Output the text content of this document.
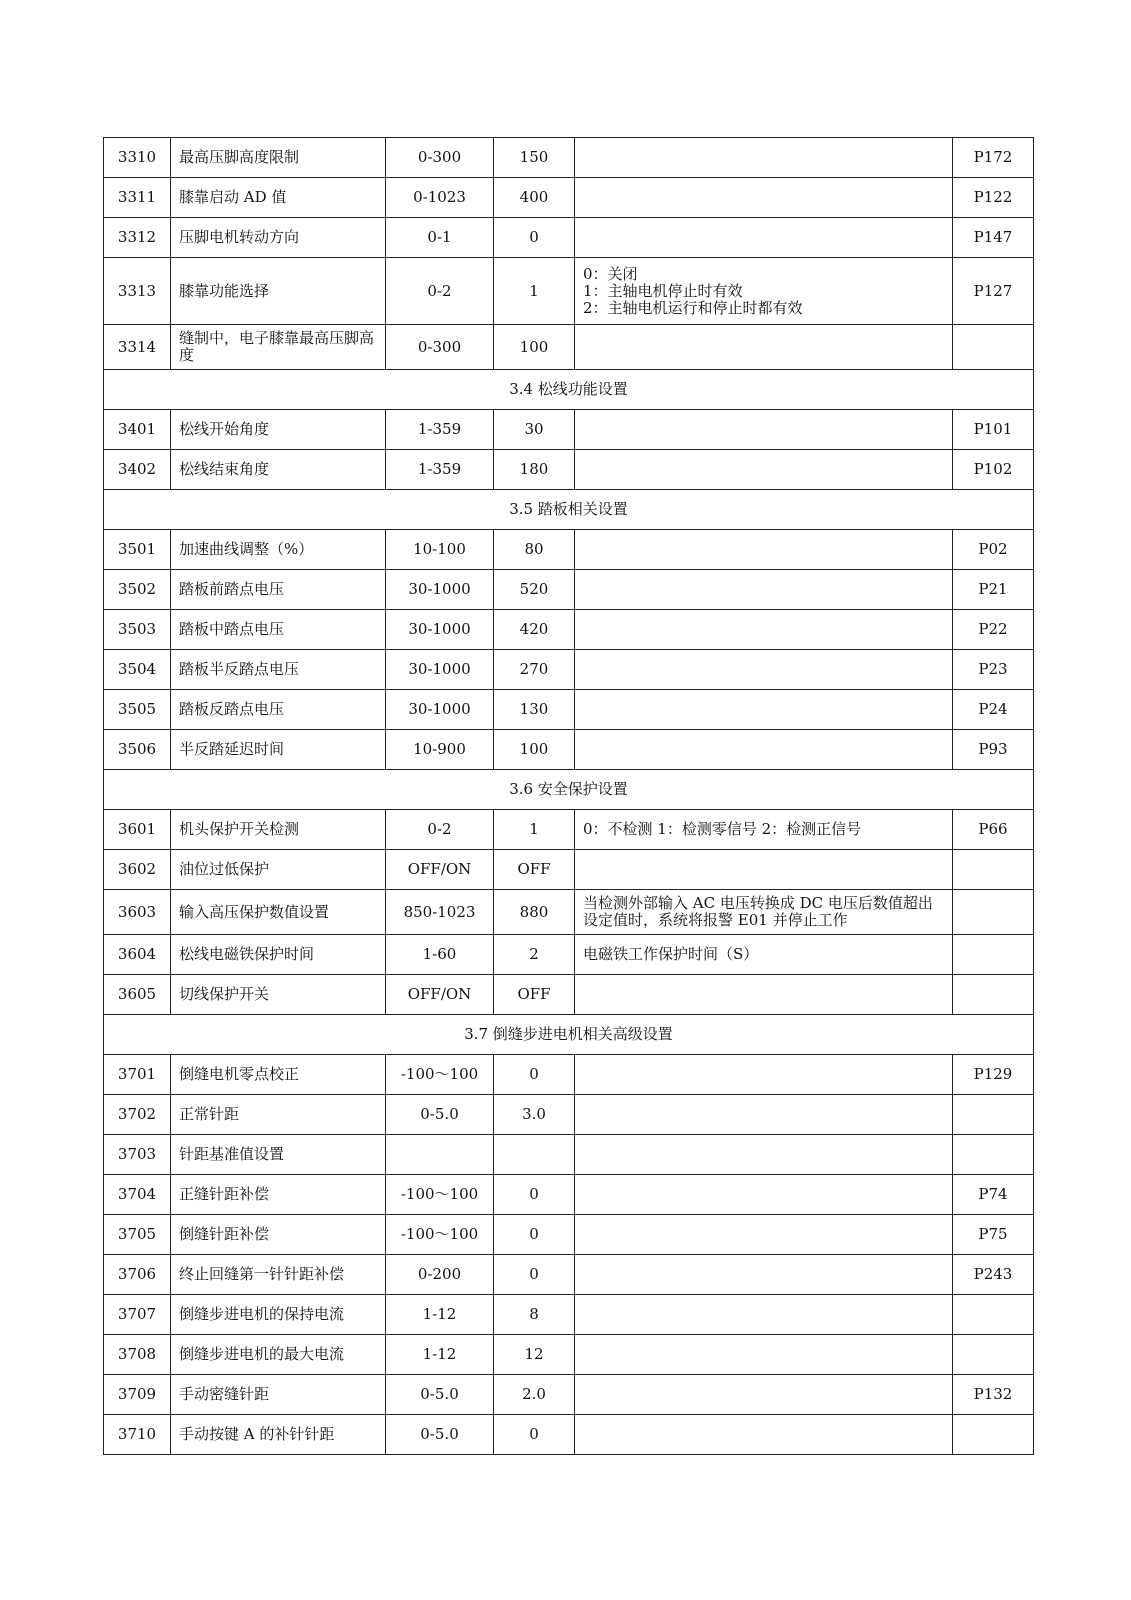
3310	最高压脚高度限制	0-300	150		P172
3311	膝靠启动 AD 值	0-1023	400		P122
3312	压脚电机转动方向	0-1	0		P147
3313	膝靠功能选择	0-2	1	0：关闭
1：主轴电机停止时有效
2：主轴电机运行和停止时都有效	P127
3314	缝制中，电子膝靠最高压脚高度	0-300	100		
3.4 松线功能设置					
3401	松线开始角度	1-359	30		P101
3402	松线结束角度	1-359	180		P102
3.5 踏板相关设置					
3501	加速曲线调整（%）	10-100	80		P02
3502	踏板前踏点电压	30-1000	520		P21
3503	踏板中踏点电压	30-1000	420		P22
3504	踏板半反踏点电压	30-1000	270		P23
3505	踏板反踏点电压	30-1000	130		P24
3506	半反踏延迟时间	10-900	100		P93
3.6 安全保护设置					
3601	机头保护开关检测	0-2	1	0：不检测 1：检测零信号 2：检测正信号	P66
3602	油位过低保护	OFF/ON	OFF		
3603	输入高压保护数值设置	850-1023	880	当检测外部输入 AC 电压转换成 DC 电压后数值超出设定值时，系统将报警 E01 并停止工作	
3604	松线电磁铁保护时间	1-60	2	电磁铁工作保护时间（S）	
3605	切线保护开关	OFF/ON	OFF		
3.7 倒缝步进电机相关高级设置					
3701	倒缝电机零点校正	-100～100	0		P129
3702	正常针距	0-5.0	3.0		
3703	针距基准值设置				
3704	正缝针距补偿	-100～100	0		P74
3705	倒缝针距补偿	-100～100	0		P75
3706	终止回缝第一针针距补偿	0-200	0		P243
3707	倒缝步进电机的保持电流	1-12	8		
3708	倒缝步进电机的最大电流	1-12	12		
3709	手动密缝针距	0-5.0	2.0		P132
3710	手动按键 A 的补针针距	0-5.0	0		
